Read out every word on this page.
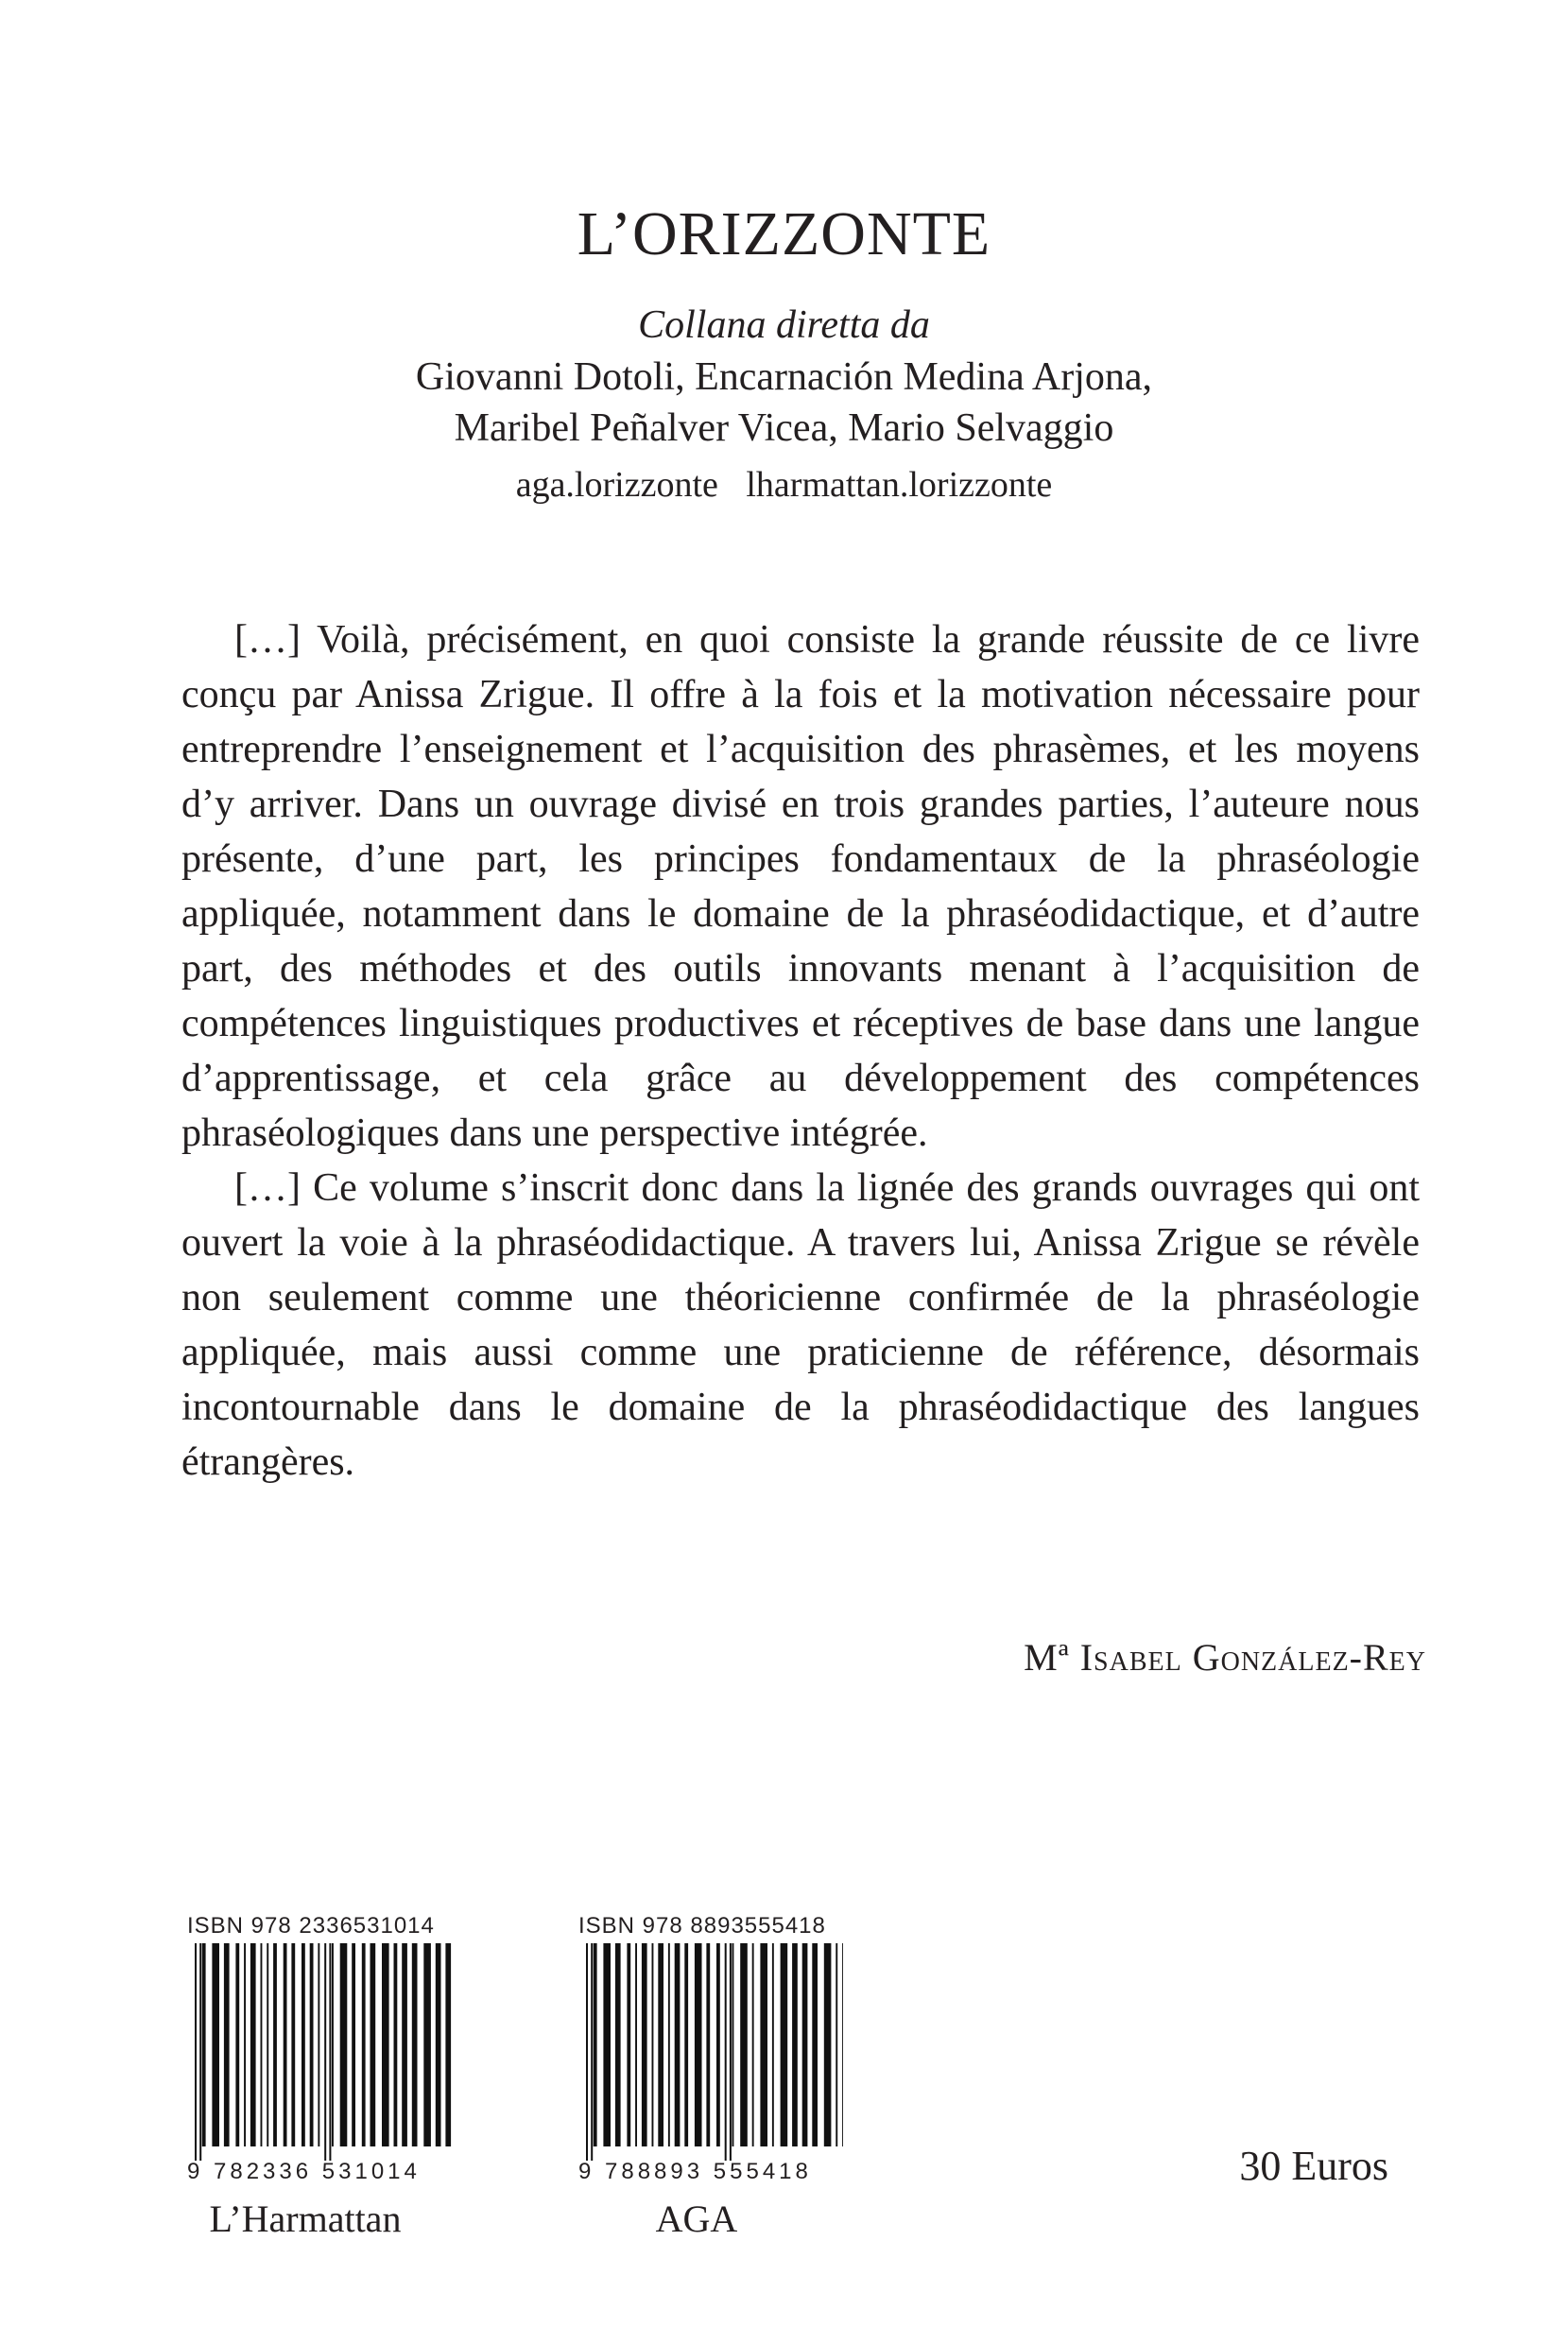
L’ORIZZONTE
Collana diretta da
Giovanni Dotoli, Encarnación Medina Arjona,
Maribel Peñalver Vicea, Mario Selvaggio
aga.lorizzonte lharmattan.lorizzonte

[…] Voilà, précisément, en quoi consiste la grande réussite de ce livre conçu par Anissa Zrigue. Il offre à la fois et la motivation nécessaire pour entreprendre l’enseignement et l’acquisition des phrasèmes, et les moyens d’y arriver. Dans un ouvrage divisé en trois grandes parties, l’auteure nous présente, d’une part, les principes fondamentaux de la phraséologie appliquée, notamment dans le domaine de la phraséodidactique, et d’autre part, des méthodes et des outils innovants menant à l’acquisition de compétences linguistiques productives et réceptives de base dans une langue d’apprentissage, et cela grâce au développement des compétences phraséologiques dans une perspective intégrée.

[…] Ce volume s’inscrit donc dans la lignée des grands ouvrages qui ont ouvert la voie à la phraséodidactique. A travers lui, Anissa Zrigue se révèle non seulement comme une théoricienne confirmée de la phraséologie appliquée, mais aussi comme une praticienne de référence, désormais incontournable dans le domaine de la phraséodidactique des langues étrangères.

Mª Isabel González-Rey
ISBN 978 2336531014
9 782336 531014
L’Harmattan
ISBN 978 8893555418
9 788893 555418
AGA
30 Euros
